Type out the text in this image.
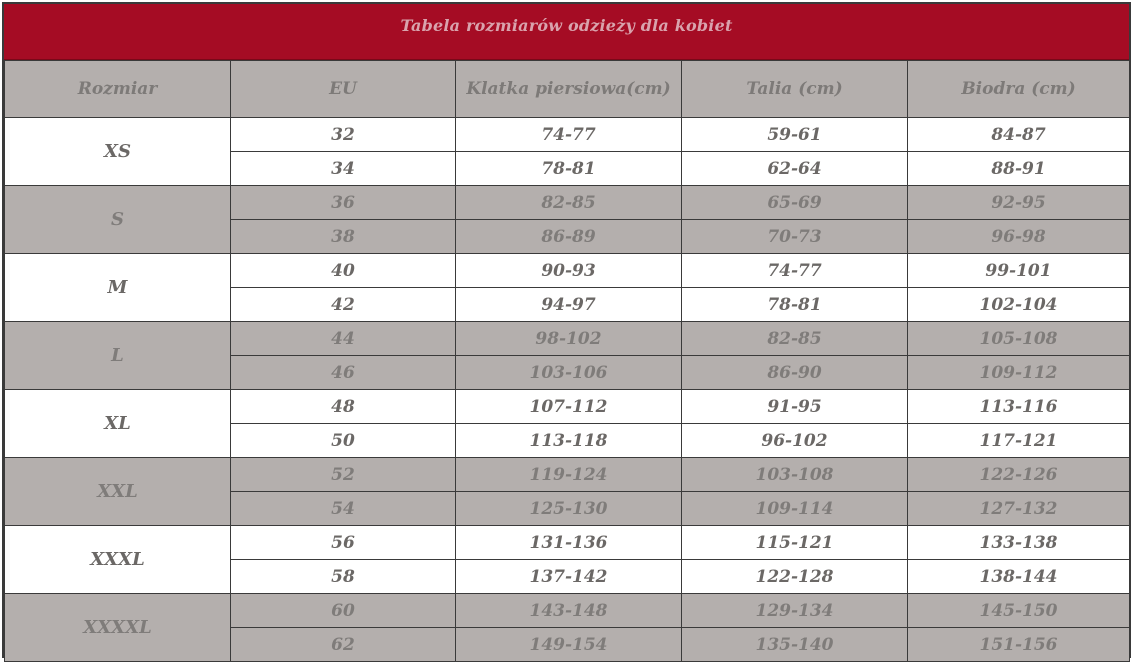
Tabela rozmiarów odzieży dla kobiet
Rozmiar	EU	Klatka piersiowa(cm)	Talia (cm)	Biodra (cm)
XS	32	74-77	59-61	84-87
	34	78-81	62-64	88-91
S	36	82-85	65-69	92-95
	38	86-89	70-73	96-98
M	40	90-93	74-77	99-101
	42	94-97	78-81	102-104
L	44	98-102	82-85	105-108
	46	103-106	86-90	109-112
XL	48	107-112	91-95	113-116
	50	113-118	96-102	117-121
XXL	52	119-124	103-108	122-126
	54	125-130	109-114	127-132
XXXL	56	131-136	115-121	133-138
	58	137-142	122-128	138-144
XXXXL	60	143-148	129-134	145-150
	62	149-154	135-140	151-156
